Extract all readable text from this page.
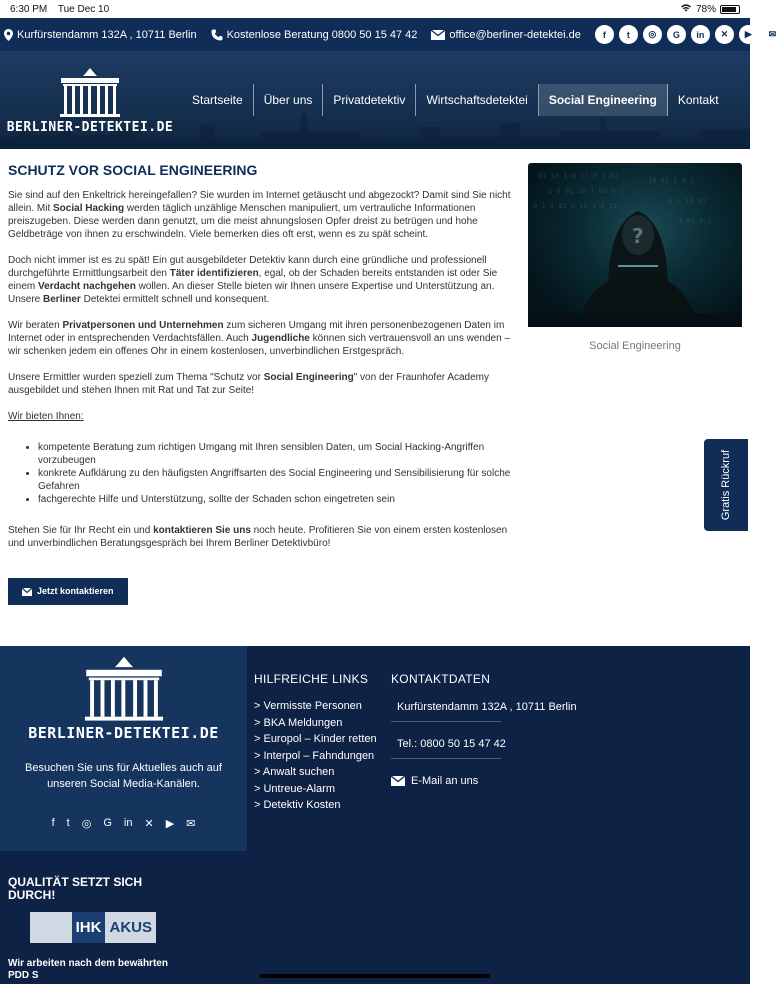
6:30 PM Tue Dec 10	78%
Kurfürstendamm 132A , 10711 Berlin	Kostenlose Beratung 0800 50 15 47 42	office@berliner-detektei.de	f	t	◎	G	in	✕	▶	✉
BERLINER-DETEKTEI.DE
Startseite	Über uns	Privatdetektiv	Wirtschaftsdetektei	Social Engineering	Kontakt
SCHUTZ VOR SOCIAL ENGINEERING

Sie sind auf den Enkeltrick hereingefallen? Sie wurden im Internet getäuscht und abgezockt? Damit sind Sie nicht allein. Mit Social Hacking werden täglich unzählige Menschen manipuliert, um vertrauliche Informationen preiszugeben. Diese werden dann genutzt, um die meist ahnungslosen Opfer dreist zu betrügen und hohe Geldbeträge von ihnen zu erschwindeln. Viele bemerken dies oft erst, wenn es zu spät scheint.

Doch nicht immer ist es zu spät! Ein gut ausgebildeter Detektiv kann durch eine gründliche und professionell durchgeführte Ermittlungsarbeit den Täter identifizieren, egal, ob der Schaden bereits entstanden ist oder Sie einem Verdacht nachgehen wollen. An dieser Stelle bieten wir Ihnen unsere Expertise und Unterstützung an. Unsere Berliner Detektei ermittelt schnell und konsequent.

Wir beraten Privatpersonen und Unternehmen zum sicheren Umgang mit ihren personenbezogenen Daten im Internet oder in entsprechenden Verdachtsfällen. Auch Jugendliche können sich vertrauensvoll an uns wenden – wir schenken jedem ein offenes Ohr in einem kostenlosen, unverbindlichen Erstgespräch.

Unsere Ermittler wurden speziell zum Thema "Schutz vor Social Engineering" von der Fraunhofer Academy ausgebildet und stehen Ihnen mit Rat und Tat zur Seite!

Wir bieten Ihnen:

• kompetente Beratung zum richtigen Umgang mit Ihren sensiblen Daten, um Social Hacking-Angriffen vorzubeugen
• konkrete Aufklärung zu den häufigsten Angriffsarten des Social Engineering und Sensibilisierung für solche Gefahren
• fachgerechte Hilfe und Unterstützung, sollte der Schaden schon eingetreten sein

Stehen Sie für Ihr Recht ein und kontaktieren Sie uns noch heute. Profitieren Sie von einem ersten kostenlosen und unverbindlichen Beratungsgespräch bei Ihrem Berliner Detektivbüro!

Jetzt kontaktieren
01 10 1 0 11 0 1 01
1 0 01 10 1 01 0 1
0 1 1 01 0 10 1 0 11
10 01 1 0 1
0 1 10 01
1 01 0 1
?
Social Engineering
Gratis Rückruf
BERLINER-DETEKTEI.DE
Besuchen Sie uns für Aktuelles auch auf unseren Social Media-Kanälen.
f t ◎ G in ✕ ▶ ✉
HILFREICHE LINKS
> Vermisste Personen
> BKA Meldungen
> Europol – Kinder retten
> Interpol – Fahndungen
> Anwalt suchen
> Untreue-Alarm
> Detektiv Kosten
KONTAKTDATEN
Kurfürstendamm 132A , 10711 Berlin
Tel.: 0800 50 15 47 42
E-Mail an uns
QUALITÄT SETZT SICH DURCH!
IHK AKUS
Wir arbeiten nach dem bewährten PDD S
